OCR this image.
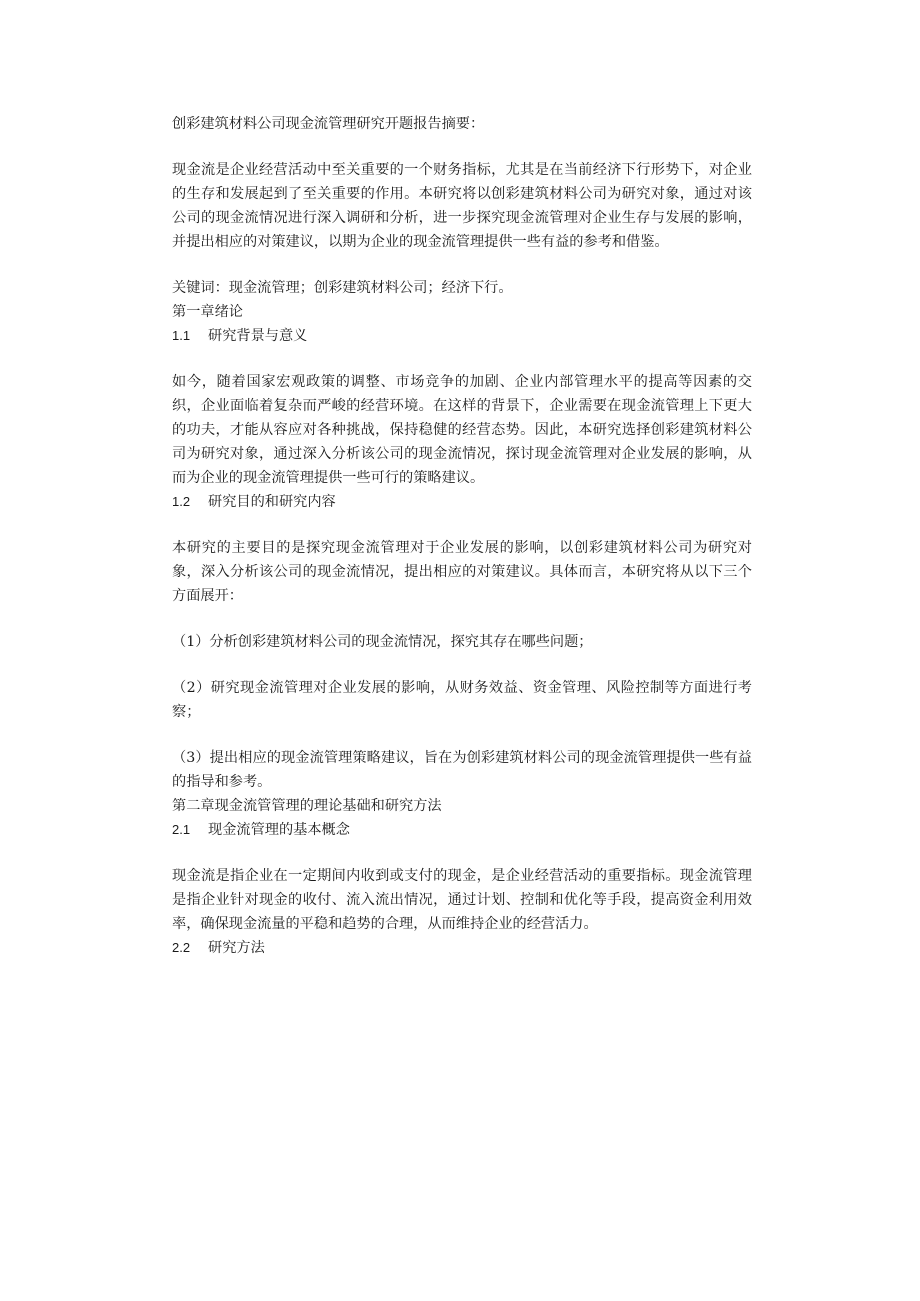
创彩建筑材料公司现金流管理研究开题报告摘要：

现金流是企业经营活动中至关重要的一个财务指标，尤其是在当前经济下行形势下，对企业的生存和发展起到了至关重要的作用。本研究将以创彩建筑材料公司为研究对象，通过对该公司的现金流情况进行深入调研和分析，进一步探究现金流管理对企业生存与发展的影响，并提出相应的对策建议，以期为企业的现金流管理提供一些有益的参考和借鉴。

关键词：现金流管理；创彩建筑材料公司；经济下行。

第一章绪论

1.1 研究背景与意义

如今，随着国家宏观政策的调整、市场竞争的加剧、企业内部管理水平的提高等因素的交织，企业面临着复杂而严峻的经营环境。在这样的背景下，企业需要在现金流管理上下更大的功夫，才能从容应对各种挑战，保持稳健的经营态势。因此，本研究选择创彩建筑材料公司为研究对象，通过深入分析该公司的现金流情况，探讨现金流管理对企业发展的影响，从而为企业的现金流管理提供一些可行的策略建议。

1.2 研究目的和研究内容

本研究的主要目的是探究现金流管理对于企业发展的影响，以创彩建筑材料公司为研究对象，深入分析该公司的现金流情况，提出相应的对策建议。具体而言，本研究将从以下三个方面展开：

（1）分析创彩建筑材料公司的现金流情况，探究其存在哪些问题；

（2）研究现金流管理对企业发展的影响，从财务效益、资金管理、风险控制等方面进行考察；

（3）提出相应的现金流管理策略建议，旨在为创彩建筑材料公司的现金流管理提供一些有益的指导和参考。

第二章现金流管管理的理论基础和研究方法

2.1 现金流管理的基本概念

现金流是指企业在一定期间内收到或支付的现金，是企业经营活动的重要指标。现金流管理是指企业针对现金的收付、流入流出情况，通过计划、控制和优化等手段，提高资金利用效率，确保现金流量的平稳和趋势的合理，从而维持企业的经营活力。

2.2 研究方法
